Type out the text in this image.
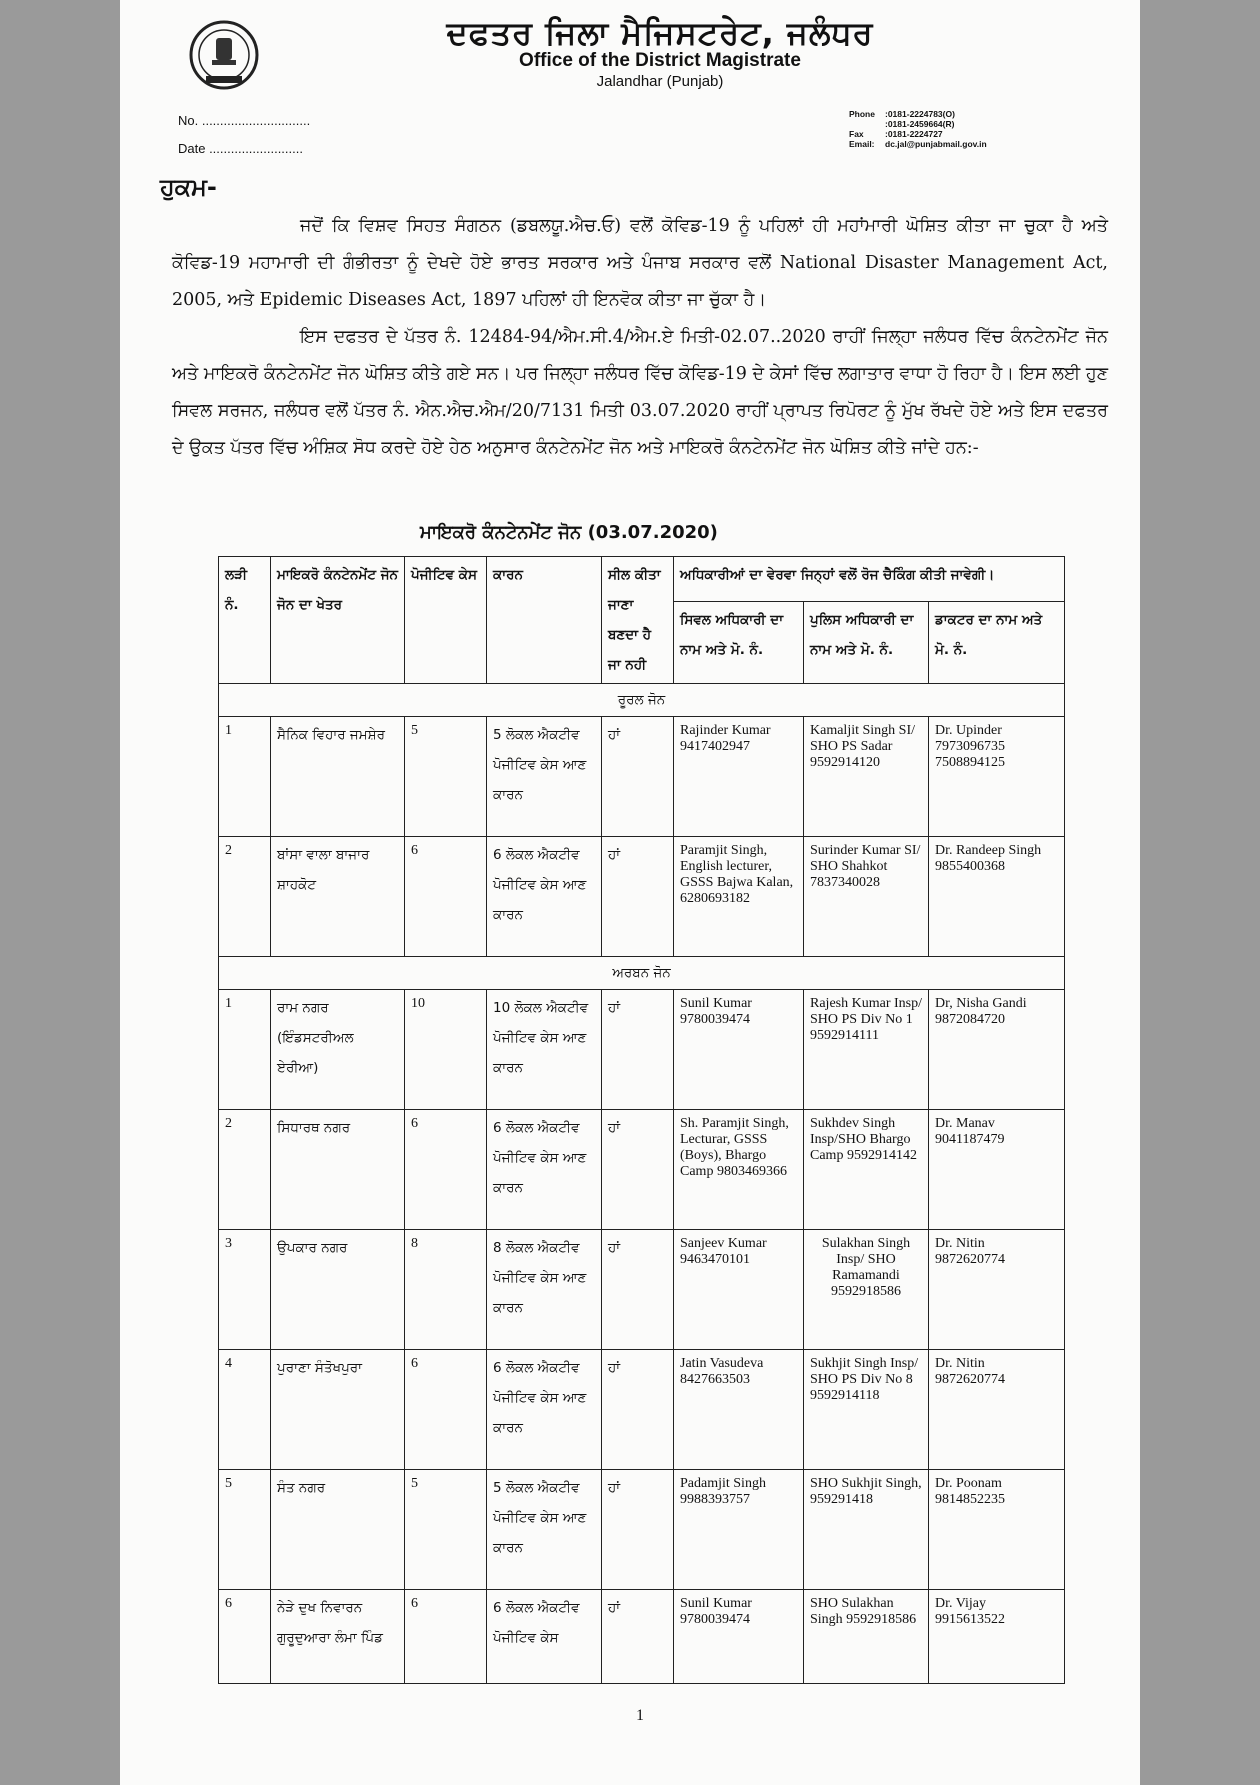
ਦਫਤਰ ਜਿਲਾ ਮੈਜਿਸਟਰੇਟ, ਜਲੰਧਰ
Office of the District Magistrate
Jalandhar (Punjab)
No. ..............................
Date ..........................
Phone :0181-2224783(O)
:0181-2459664(R)
Fax	:0181-2224727
Email: dc.jal@punjabmail.gov.in
ਹੁਕਮ-

ਜਦੋਂ ਕਿ ਵਿਸ਼ਵ ਸਿਹਤ ਸੰਗਠਨ (ਡਬਲਯੂ.ਐਚ.ਓ) ਵਲੋਂ ਕੋਵਿਡ-19 ਨੂੰ ਪਹਿਲਾਂ ਹੀ ਮਹਾਂਮਾਰੀ ਘੋਸ਼ਿਤ ਕੀਤਾ ਜਾ ਚੁਕਾ ਹੈ ਅਤੇ ਕੋਵਿਡ-19 ਮਹਾਮਾਰੀ ਦੀ ਗੰਭੀਰਤਾ ਨੂੰ ਦੇਖਦੇ ਹੋਏ ਭਾਰਤ ਸਰਕਾਰ ਅਤੇ ਪੰਜਾਬ ਸਰਕਾਰ ਵਲੋਂ National Disaster Management Act, 2005, ਅਤੇ Epidemic Diseases Act, 1897 ਪਹਿਲਾਂ ਹੀ ਇਨਵੋਕ ਕੀਤਾ ਜਾ ਚੁੱਕਾ ਹੈ।

ਇਸ ਦਫਤਰ ਦੇ ਪੱਤਰ ਨੰ. 12484-94/ਐਮ.ਸੀ.4/ਐਮ.ਏ ਮਿਤੀ-02.07..2020 ਰਾਹੀਂ ਜਿਲ੍ਹਾ ਜਲੰਧਰ ਵਿੱਚ ਕੰਨਟੇਨਮੇਂਟ ਜੋਨ ਅਤੇ ਮਾਇਕਰੋ ਕੰਨਟੇਨਮੇਂਟ ਜੋਨ ਘੋਸ਼ਿਤ ਕੀਤੇ ਗਏ ਸਨ। ਪਰ ਜਿਲ੍ਹਾ ਜਲੰਧਰ ਵਿੱਚ ਕੋਵਿਡ-19 ਦੇ ਕੇਸਾਂ ਵਿੱਚ ਲਗਾਤਾਰ ਵਾਧਾ ਹੋ ਰਿਹਾ ਹੈ। ਇਸ ਲਈ ਹੁਣ ਸਿਵਲ ਸਰਜਨ, ਜਲੰਧਰ ਵਲੋਂ ਪੱਤਰ ਨੰ. ਐਨ.ਐਚ.ਐਮ/20/7131 ਮਿਤੀ 03.07.2020 ਰਾਹੀਂ ਪ੍ਰਾਪਤ ਰਿਪੋਰਟ ਨੂੰ ਮੁੱਖ ਰੱਖਦੇ ਹੋਏ ਅਤੇ ਇਸ ਦਫਤਰ ਦੇ ਉਕਤ ਪੱਤਰ ਵਿੱਚ ਅੰਸ਼ਿਕ ਸੋਧ ਕਰਦੇ ਹੋਏ ਹੇਠ ਅਨੁਸਾਰ ਕੰਨਟੇਨਮੇਂਟ ਜੋਨ ਅਤੇ ਮਾਇਕਰੋ ਕੰਨਟੇਨਮੇਂਟ ਜੋਨ ਘੋਸ਼ਿਤ ਕੀਤੇ ਜਾਂਦੇ ਹਨ:-

ਮਾਇਕਰੋ ਕੰਨਟੇਨਮੇਂਟ ਜੋਨ (03.07.2020)
ਲੜੀ ਨੰ.	ਮਾਇਕਰੋ ਕੰਨਟੇਨਮੇਂਟ ਜੋਨ ਜੋਨ ਦਾ ਖੇਤਰ	ਪੋਜੀਟਿਵ ਕੇਸ	ਕਾਰਨ	ਸੀਲ ਕੀਤਾ ਜਾਣਾ ਬਣਦਾ ਹੈ ਜਾ ਨਹੀ	ਅਧਿਕਾਰੀਆਂ ਦਾ ਵੇਰਵਾ ਜਿਨ੍ਹਾਂ ਵਲੋਂ ਰੋਜ ਚੈਕਿੰਗ ਕੀਤੀ ਜਾਵੇਗੀ।		
					ਸਿਵਲ ਅਧਿਕਾਰੀ ਦਾ ਨਾਮ ਅਤੇ ਮੋ. ਨੰ.	ਪੁਲਿਸ ਅਧਿਕਾਰੀ ਦਾ ਨਾਮ ਅਤੇ ਮੋ. ਨੰ.	ਡਾਕਟਰ ਦਾ ਨਾਮ ਅਤੇ ਮੋ. ਨੰ.
ਰੂਰਲ ਜੋਨ							
1	ਸੈਨਿਕ ਵਿਹਾਰ ਜਮਸ਼ੇਰ	5	5 ਲੋਕਲ ਐਕਟੀਵ ਪੋਜੀਟਿਵ ਕੇਸ ਆਣ ਕਾਰਨ	ਹਾਂ	Rajinder Kumar 9417402947	Kamaljit Singh SI/ SHO PS Sadar 9592914120	Dr. Upinder 7973096735 7508894125
2	ਬਾਂਸਾ ਵਾਲਾ ਬਾਜਾਰ ਸ਼ਾਹਕੋਟ	6	6 ਲੋਕਲ ਐਕਟੀਵ ਪੋਜੀਟਿਵ ਕੇਸ ਆਣ ਕਾਰਨ	ਹਾਂ	Paramjit Singh, English lecturer, GSSS Bajwa Kalan, 6280693182	Surinder Kumar SI/ SHO Shahkot 7837340028	Dr. Randeep Singh 9855400368
ਅਰਬਨ ਜੋਨ							
1	ਰਾਮ ਨਗਰ (ਇੰਡਸਟਰੀਅਲ ਏਰੀਆ)	10	10 ਲੋਕਲ ਐਕਟੀਵ ਪੋਜੀਟਿਵ ਕੇਸ ਆਣ ਕਾਰਨ	ਹਾਂ	Sunil Kumar 9780039474	Rajesh Kumar Insp/ SHO PS Div No 1 9592914111	Dr, Nisha Gandi 9872084720
2	ਸਿਧਾਰਥ ਨਗਰ	6	6 ਲੋਕਲ ਐਕਟੀਵ ਪੋਜੀਟਿਵ ਕੇਸ ਆਣ ਕਾਰਨ	ਹਾਂ	Sh. Paramjit Singh, Lecturar, GSSS (Boys), Bhargo Camp 9803469366	Sukhdev Singh Insp/SHO Bhargo Camp 9592914142	Dr. Manav 9041187479
3	ਉਪਕਾਰ ਨਗਰ	8	8 ਲੋਕਲ ਐਕਟੀਵ ਪੋਜੀਟਿਵ ਕੇਸ ਆਣ ਕਾਰਨ	ਹਾਂ	Sanjeev Kumar 9463470101	Sulakhan Singh Insp/ SHO Ramamandi 9592918586	Dr. Nitin 9872620774
4	ਪੁਰਾਣਾ ਸੰਤੋਖਪੁਰਾ	6	6 ਲੋਕਲ ਐਕਟੀਵ ਪੋਜੀਟਿਵ ਕੇਸ ਆਣ ਕਾਰਨ	ਹਾਂ	Jatin Vasudeva 8427663503	Sukhjit Singh Insp/ SHO PS Div No 8 9592914118	Dr. Nitin 9872620774
5	ਸੰਤ ਨਗਰ	5	5 ਲੋਕਲ ਐਕਟੀਵ ਪੋਜੀਟਿਵ ਕੇਸ ਆਣ ਕਾਰਨ	ਹਾਂ	Padamjit Singh 9988393757	SHO Sukhjit Singh, 959291418	Dr. Poonam 9814852235
6	ਨੇੜੇ ਦੁਖ ਨਿਵਾਰਨ ਗੁਰੂਦੁਆਰਾ ਲੰਮਾ ਪਿੰਡ	6	6 ਲੋਕਲ ਐਕਟੀਵ ਪੋਜੀਟਿਵ ਕੇਸ	ਹਾਂ	Sunil Kumar 9780039474	SHO Sulakhan Singh 9592918586	Dr. Vijay 9915613522
1
